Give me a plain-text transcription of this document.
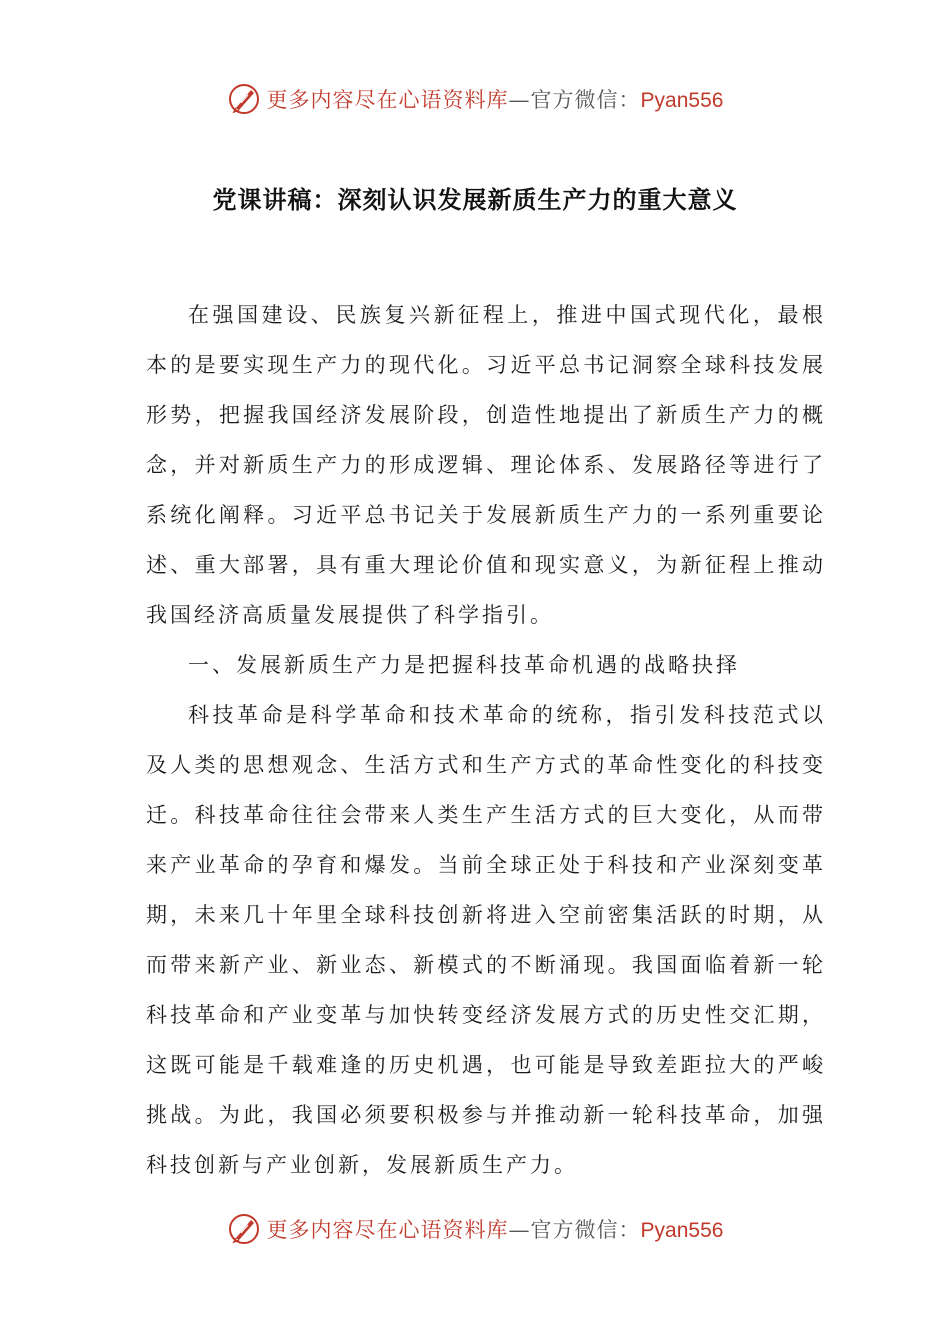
更多内容尽在心语资料库 — 官方微信： Pyan556
党课讲稿：深刻认识发展新质生产力的重大意义

在强国建设、民族复兴新征程上，推进中国式现代化，最根本的是要实现生产力的现代化。习近平总书记洞察全球科技发展形势，把握我国经济发展阶段，创造性地提出了新质生产力的概念，并对新质生产力的形成逻辑、理论体系、发展路径等进行了系统化阐释。习近平总书记关于发展新质生产力的一系列重要论述、重大部署，具有重大理论价值和现实意义，为新征程上推动我国经济高质量发展提供了科学指引。

一、发展新质生产力是把握科技革命机遇的战略抉择

科技革命是科学革命和技术革命的统称，指引发科技范式以及人类的思想观念、生活方式和生产方式的革命性变化的科技变迁。科技革命往往会带来人类生产生活方式的巨大变化，从而带来产业革命的孕育和爆发。当前全球正处于科技和产业深刻变革期，未来几十年里全球科技创新将进入空前密集活跃的时期，从而带来新产业、新业态、新模式的不断涌现。我国面临着新一轮科技革命和产业变革与加快转变经济发展方式的历史性交汇期，这既可能是千载难逢的历史机遇，也可能是导致差距拉大的严峻挑战。为此，我国必须要积极参与并推动新一轮科技革命，加强科技创新与产业创新，发展新质生产力。

更多内容尽在心语资料库 — 官方微信： Pyan556
